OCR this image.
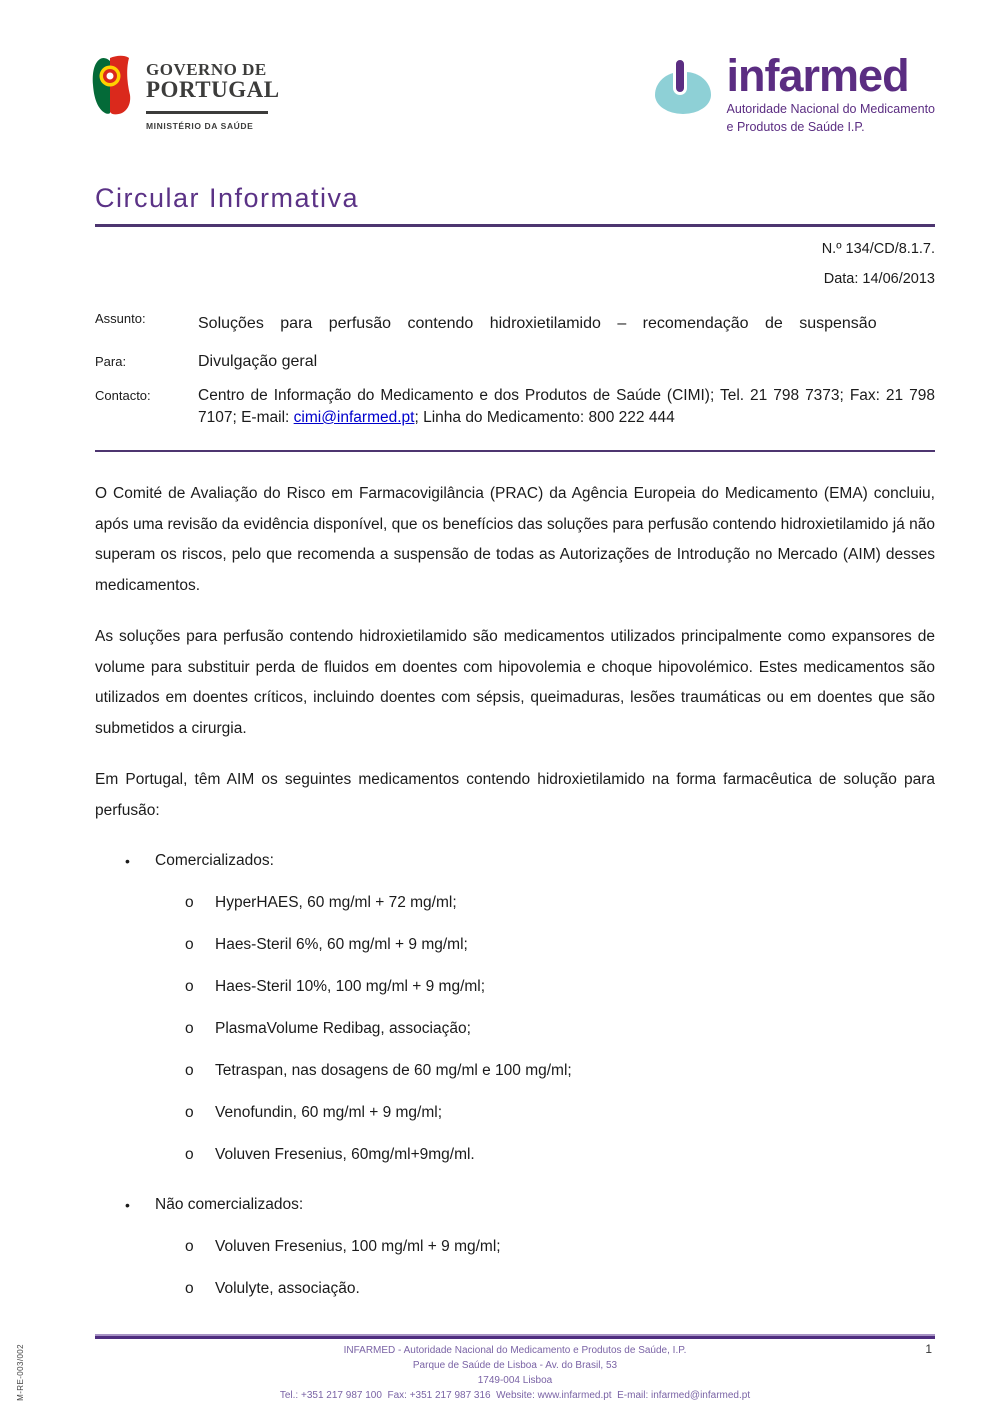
GOVERNO DE
PORTUGAL
MINISTÉRIO DA SAÚDE
infarmed
Autoridade Nacional do Medicamento
e Produtos de Saúde I.P.
Circular Informativa
N.º 134/CD/8.1.7.
Data: 14/06/2013
Assunto:	Soluções para perfusão contendo hidroxietilamido – recomendação de suspensão
Para:	Divulgação geral
Contacto:	Centro de Informação do Medicamento e dos Produtos de Saúde (CIMI); Tel. 21 798 7373; Fax: 21 798 7107; E-mail: cimi@infarmed.pt; Linha do Medicamento: 800 222 444

O Comité de Avaliação do Risco em Farmacovigilância (PRAC) da Agência Europeia do Medicamento (EMA) concluiu, após uma revisão da evidência disponível, que os benefícios das soluções para perfusão contendo hidroxietilamido já não superam os riscos, pelo que recomenda a suspensão de todas as Autorizações de Introdução no Mercado (AIM) desses medicamentos.

As soluções para perfusão contendo hidroxietilamido são medicamentos utilizados principalmente como expansores de volume para substituir perda de fluidos em doentes com hipovolemia e choque hipovolémico. Estes medicamentos são utilizados em doentes críticos, incluindo doentes com sépsis, queimaduras, lesões traumáticas ou em doentes que são submetidos a cirurgia.

Em Portugal, têm AIM os seguintes medicamentos contendo hidroxietilamido na forma farmacêutica de solução para perfusão:

•	Comercializados:
o	HyperHAES, 60 mg/ml + 72 mg/ml;
o	Haes-Steril 6%, 60 mg/ml + 9 mg/ml;
o	Haes-Steril 10%, 100 mg/ml + 9 mg/ml;
o	PlasmaVolume Redibag, associação;
o	Tetraspan, nas dosagens de 60 mg/ml e 100 mg/ml;
o	Venofundin, 60 mg/ml + 9 mg/ml;
o	Voluven Fresenius, 60mg/ml+9mg/ml.
•	Não comercializados:
o	Voluven Fresenius, 100 mg/ml + 9 mg/ml;
o	Volulyte, associação.
INFARMED - Autoridade Nacional do Medicamento e Produtos de Saúde, I.P.
Parque de Saúde de Lisboa - Av. do Brasil, 53
1749-004 Lisboa
Tel.: +351 217 987 100  Fax: +351 217 987 316  Website: www.infarmed.pt  E-mail: infarmed@infarmed.pt
1
M-RE-003/002
